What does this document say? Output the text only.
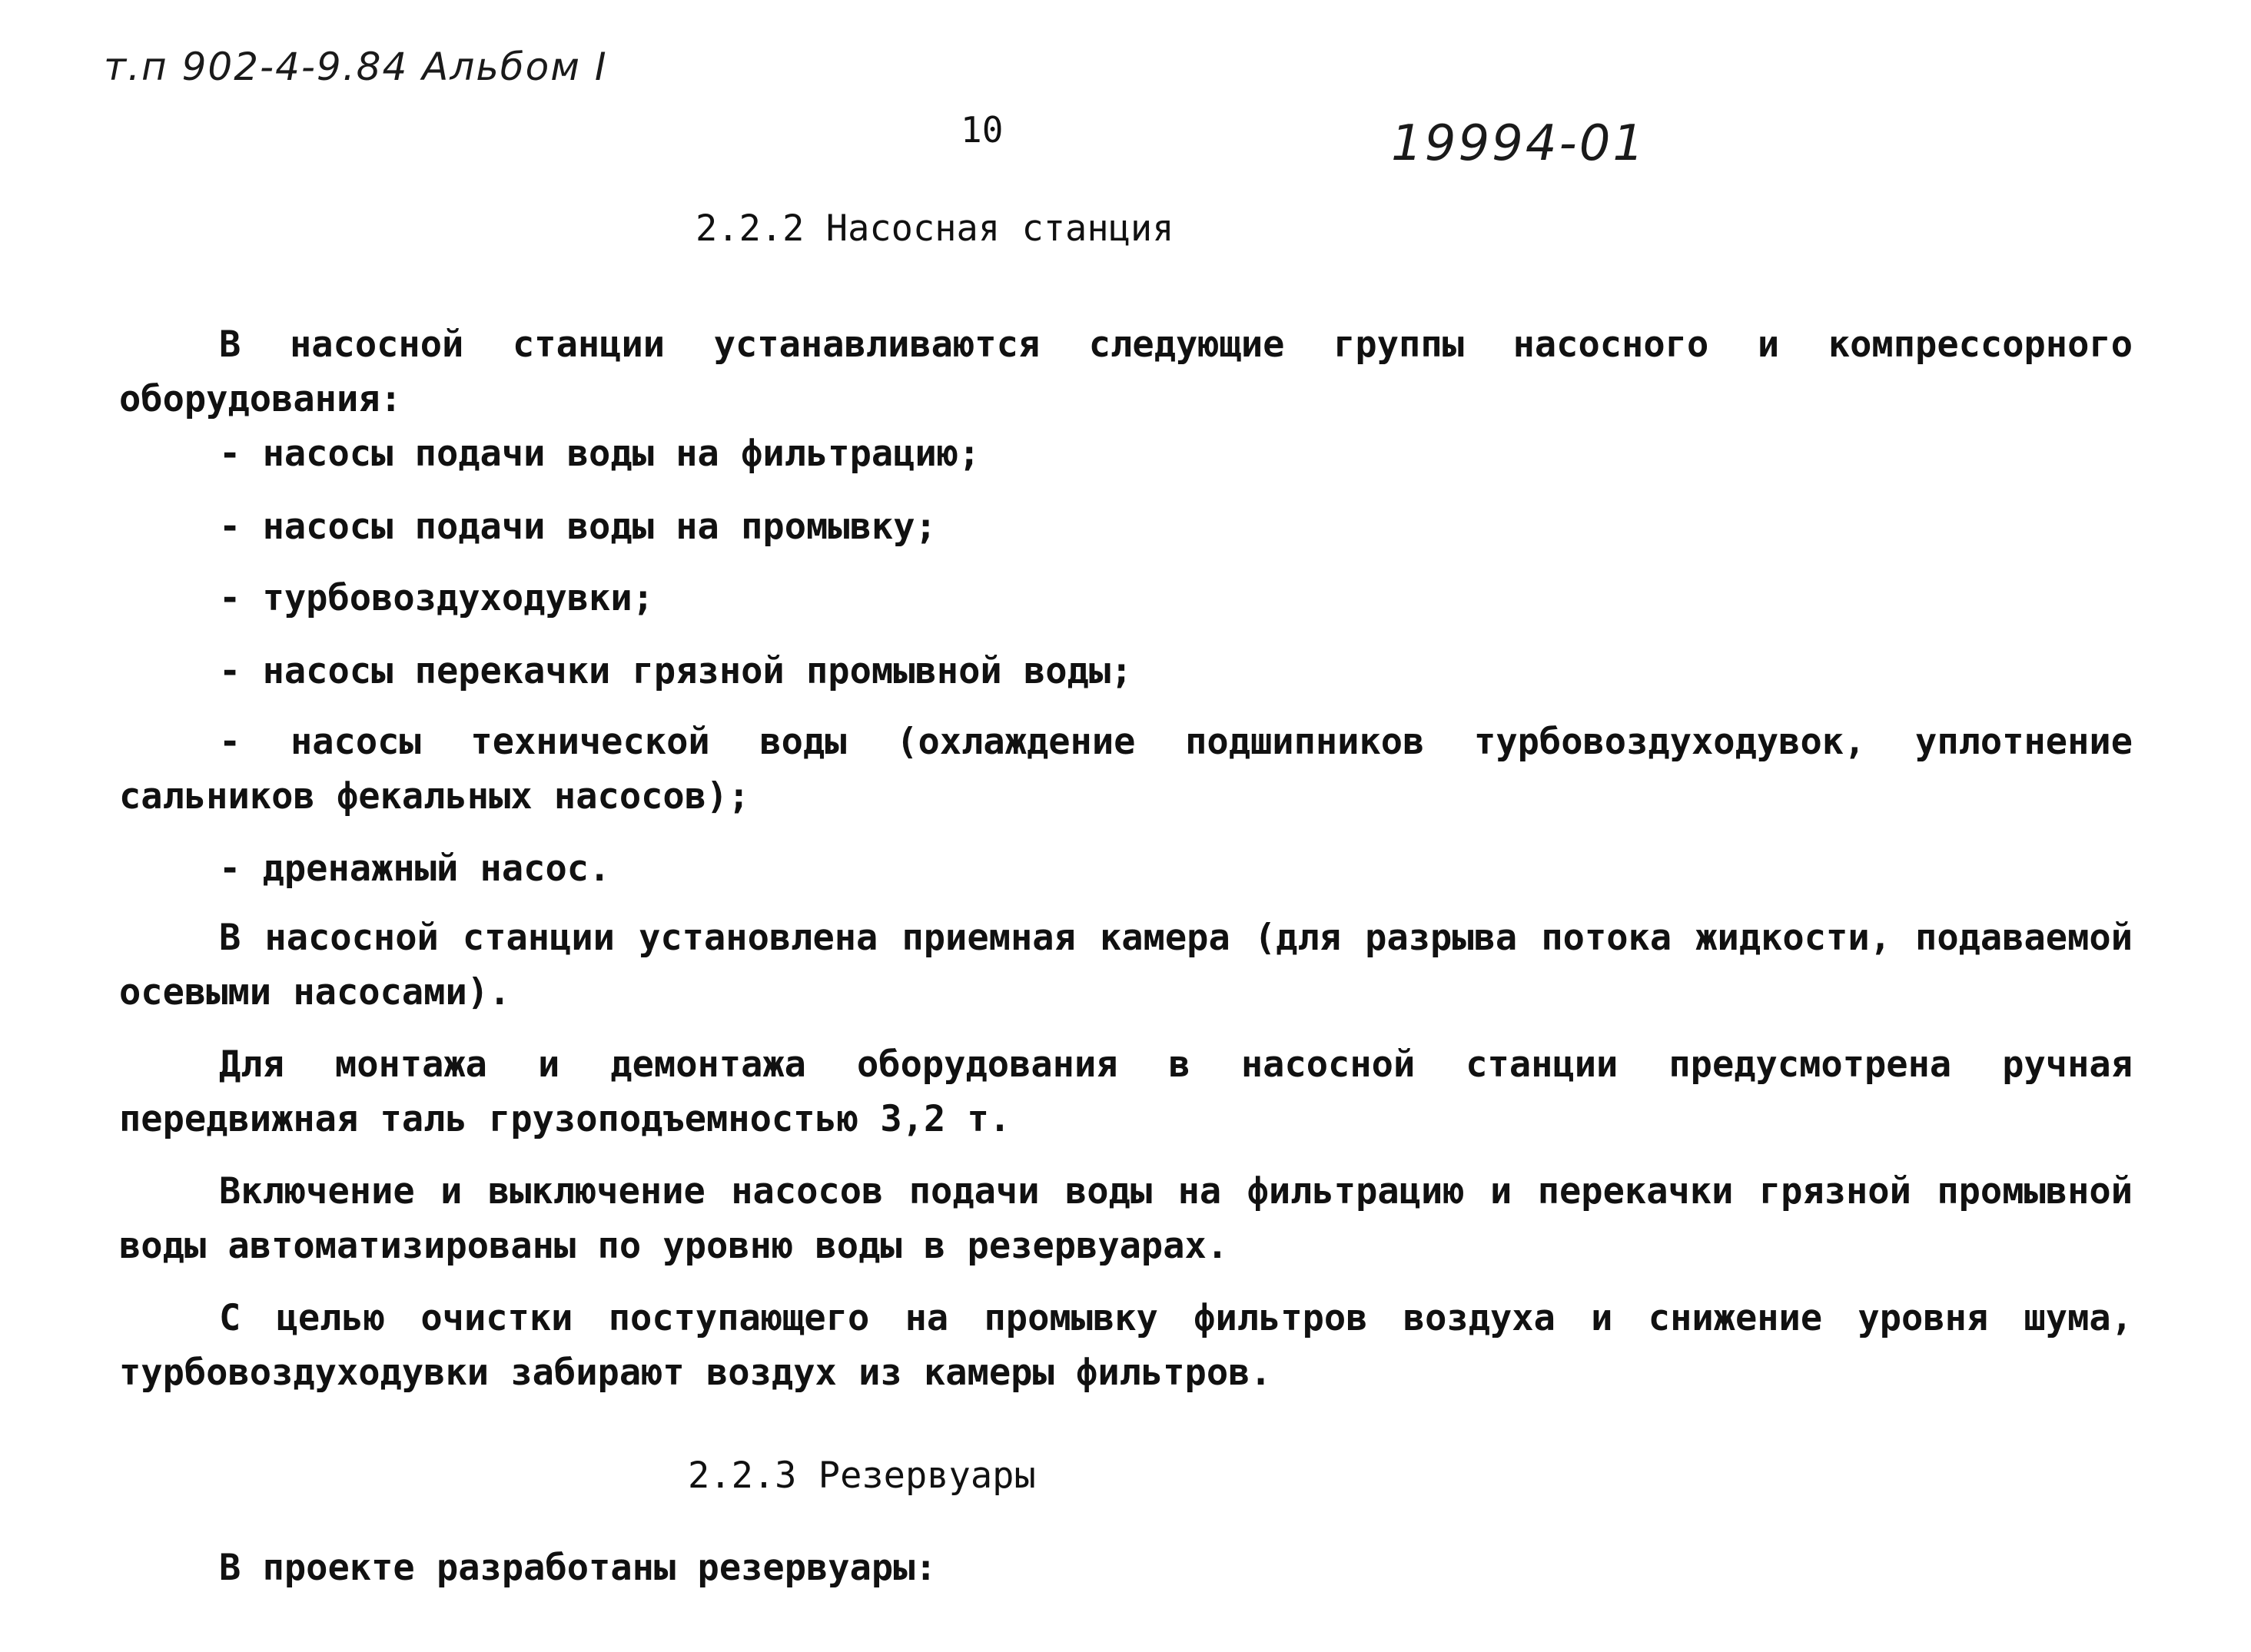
т.п 902-4-9.84 Альбом I
10	19994-01
2.2.2 Насосная станция

В насосной станции устанавливаются следующие группы насосного и компрессорного оборудования:

- насосы подачи воды на фильтрацию;

- насосы подачи воды на промывку;

- турбовоздуходувки;

- насосы перекачки грязной промывной воды;

- насосы технической воды (охлаждение подшипников турбовоздуходувок, уплотнение сальников фекальных насосов);

- дренажный насос.

В насосной станции установлена приемная камера (для разрыва потока жидкости, подаваемой осевыми насосами).

Для монтажа и демонтажа оборудования в насосной станции предусмотрена ручная передвижная таль грузоподъемностью 3,2 т.

Включение и выключение насосов подачи воды на фильтрацию и перекачки грязной промывной воды автоматизированы по уровню воды в резервуарах.

С целью очистки поступающего на промывку фильтров воздуха и снижение уровня шума, турбовоздуходувки забирают воздух из камеры фильтров.

2.2.3 Резервуары

В проекте разработаны резервуары:
